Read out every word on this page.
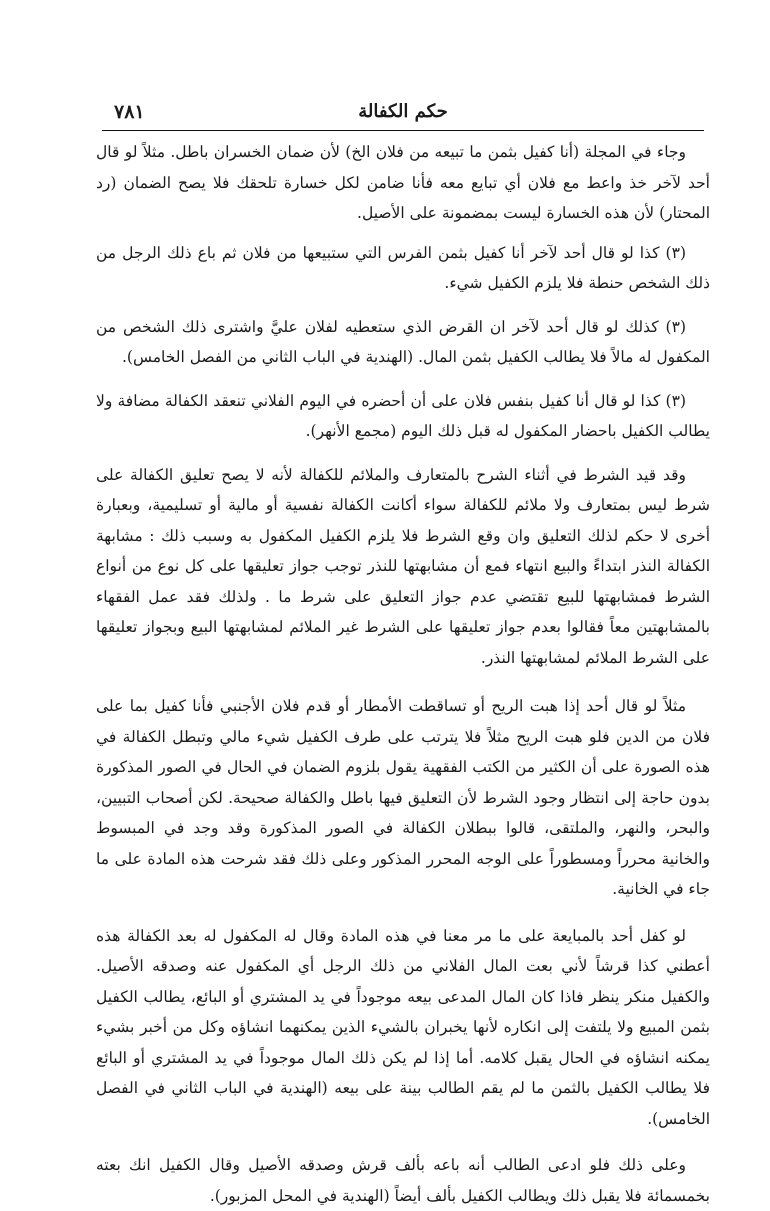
حكم الكفالة
٧٨١

وجاء في المجلة (أنا كفيل بثمن ما تبيعه من فلان الخ) لأن ضمان الخسران باطل. مثلاً لو قال أحد لآخر خذ واعط مع فلان أي تبايع معه فأنا ضامن لكل خسارة تلحقك فلا يصح الضمان (رد المحتار) لأن هذه الخسارة ليست بمضمونة على الأصيل.

(٣) كذا لو قال أحد لآخر أنا كفيل بثمن الفرس التي ستبيعها من فلان ثم باع ذلك الرجل من ذلك الشخص حنطة فلا يلزم الكفيل شيء.

(٣) كذلك لو قال أحد لآخر ان القرض الذي ستعطيه لفلان عليَّ واشترى ذلك الشخص من المكفول له مالاً فلا يطالب الكفيل بثمن المال. (الهندية في الباب الثاني من الفصل الخامس).

(٣) كذا لو قال أنا كفيل بنفس فلان على أن أحضره في اليوم الفلاني تنعقد الكفالة مضافة ولا يطالب الكفيل باحضار المكفول له قبل ذلك اليوم (مجمع الأنهر).

وقد قيد الشرط في أثناء الشرح بالمتعارف والملائم للكفالة لأنه لا يصح تعليق الكفالة على شرط ليس بمتعارف ولا ملائم للكفالة سواء أكانت الكفالة نفسية أو مالية أو تسليمية، وبعبارة أخرى لا حكم لذلك التعليق وان وقع الشرط فلا يلزم الكفيل المكفول به وسبب ذلك : مشابهة الكفالة النذر ابتداءً والبيع انتهاء فمع أن مشابهتها للنذر توجب جواز تعليقها على كل نوع من أنواع الشرط فمشابهتها للبيع تقتضي عدم جواز التعليق على شرط ما . ولذلك فقد عمل الفقهاء بالمشابهتين معاً فقالوا بعدم جواز تعليقها على الشرط غير الملائم لمشابهتها البيع وبجواز تعليقها على الشرط الملائم لمشابهتها النذر.

مثلاً لو قال أحد إذا هبت الريح أو تساقطت الأمطار أو قدم فلان الأجنبي فأنا كفيل بما على فلان من الدين فلو هبت الريح مثلاً فلا يترتب على طرف الكفيل شيء مالي وتبطل الكفالة في هذه الصورة على أن الكثير من الكتب الفقهية يقول بلزوم الضمان في الحال في الصور المذكورة بدون حاجة إلى انتظار وجود الشرط لأن التعليق فيها باطل والكفالة صحيحة. لكن أصحاب التبيين، والبحر، والنهر، والملتقى، قالوا ببطلان الكفالة في الصور المذكورة وقد وجد في المبسوط والخانية محرراً ومسطوراً على الوجه المحرر المذكور وعلى ذلك فقد شرحت هذه المادة على ما جاء في الخانية.

لو كفل أحد بالمبايعة على ما مر معنا في هذه المادة وقال له المكفول له بعد الكفالة هذه أعطني كذا قرشاً لأني بعت المال الفلاني من ذلك الرجل أي المكفول عنه وصدقه الأصيل. والكفيل منكر ينظر فاذا كان المال المدعى بيعه موجوداً في يد المشتري أو البائع، يطالب الكفيل بثمن المبيع ولا يلتفت إلى انكاره لأنها يخبران بالشيء الذين يمكنهما انشاؤه وكل من أخبر بشيء يمكنه انشاؤه في الحال يقبل كلامه. أما إذا لم يكن ذلك المال موجوداً في يد المشتري أو البائع فلا يطالب الكفيل بالثمن ما لم يقم الطالب بينة على بيعه (الهندية في الباب الثاني في الفصل الخامس).

وعلى ذلك فلو ادعى الطالب أنه باعه بألف قرش وصدقه الأصيل وقال الكفيل انك بعته بخمسمائة فلا يقبل ذلك ويطالب الكفيل بألف أيضاً (الهندية في المحل المزبور).
